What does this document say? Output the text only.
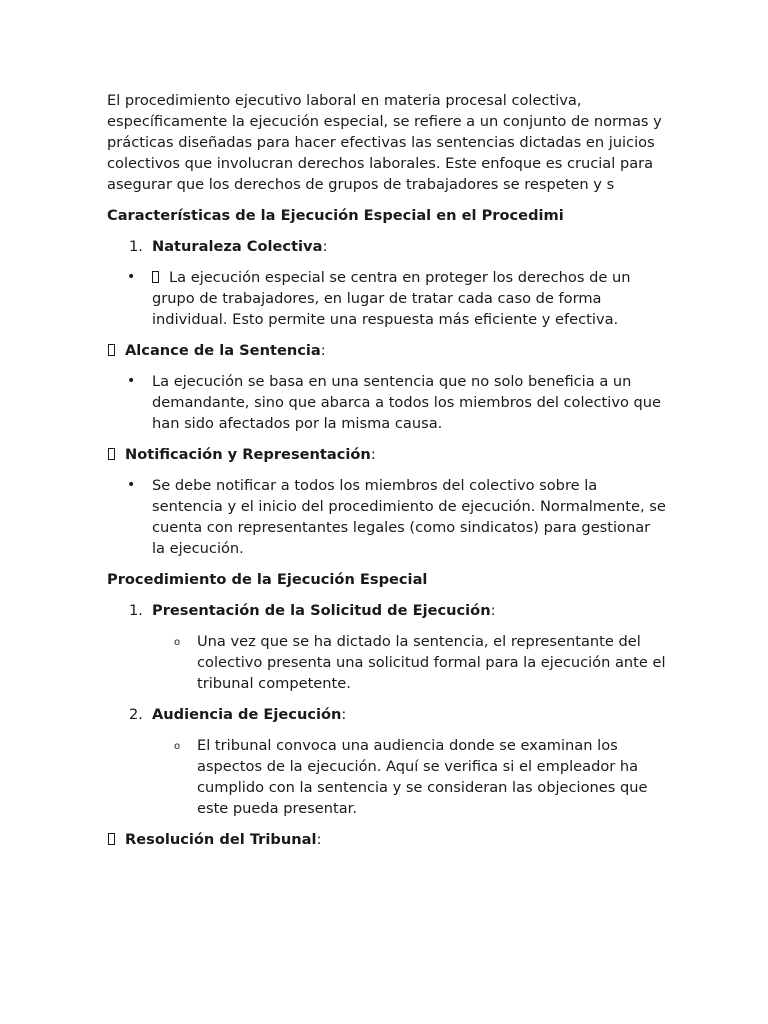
El procedimiento ejecutivo laboral en materia procesal colectiva, específicamente la ejecución especial, se refiere a un conjunto de normas y prácticas diseñadas para hacer efectivas las sentencias dictadas en juicios colectivos que involucran derechos laborales. Este enfoque es crucial para asegurar que los derechos de grupos de trabajadores se respeten y s

Características de la Ejecución Especial en el Procedimi

1. Naturaleza Colectiva:
• La ejecución especial se centra en proteger los derechos de un grupo de trabajadores, en lugar de tratar cada caso de forma individual. Esto permite una respuesta más eficiente y efectiva.
Alcance de la Sentencia:
• La ejecución se basa en una sentencia que no solo beneficia a un demandante, sino que abarca a todos los miembros del colectivo que han sido afectados por la misma causa.
Notificación y Representación:
• Se debe notificar a todos los miembros del colectivo sobre la sentencia y el inicio del procedimiento de ejecución. Normalmente, se cuenta con representantes legales (como sindicatos) para gestionar la ejecución.

Procedimiento de la Ejecución Especial

1. Presentación de la Solicitud de Ejecución:
o Una vez que se ha dictado la sentencia, el representante del colectivo presenta una solicitud formal para la ejecución ante el tribunal competente.
2. Audiencia de Ejecución:
o El tribunal convoca una audiencia donde se examinan los aspectos de la ejecución. Aquí se verifica si el empleador ha cumplido con la sentencia y se consideran las objeciones que este pueda presentar.
Resolución del Tribunal:
